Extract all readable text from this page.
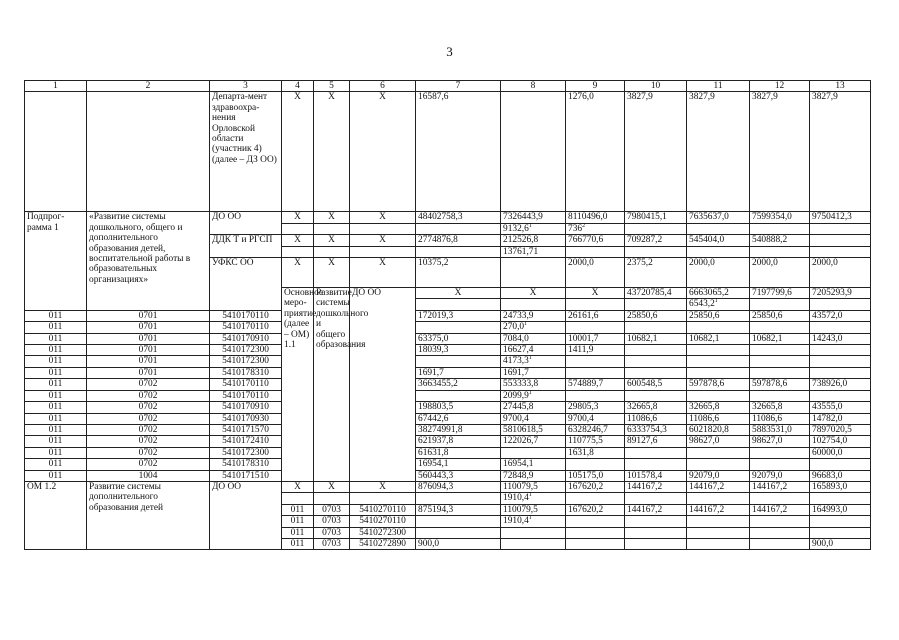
3
1	2	3	4	5	6	7	8	9	10	11	12	13	
		Департа-мент здравоохра-нения Орловской области (участник 4) (далее – ДЗ ОО)	Х	Х	Х	16587,6		1276,0	3827,9	3827,9	3827,9	3827,9	
Подпрог-рамма 1	«Развитие системы дошкольного, общего и дополнительного образования детей, воспитательной работы в образовательных организациях»	ДО ОО	Х	Х	Х	48402758,3	7326443,9	8110496,0	7980415,1	7635637,0	7599354,0	9750412,3	
							9132,6$^1$	$736^2$				
		ДДК Т и РГСП	Х	Х	Х	2774876,8	212526,8	766770,6	709287,2	545404,0	540888,2		
							13761,71						
		УФКС ОО	Х	Х	Х	10375,2		2000,0	2375,2	2000,0	2000,0	2000,0	
			Основное меро-приятие (далее – ОМ) 1.1	Развитие системы дошкольного и общего образования	ДО ОО	Х	Х	Х	43720785,4	6663065,2	7197799,6	7205293,9			
										6543,2$^1$					
011	0701	5410170110				172019,3	24733,9	26161,6	25850,6	25850,6	25850,6	43572,0	
011	0701	5410170110					270,0$^1$					
011	0701	5410170910				63375,0	7084,0	10001,7	10682,1	10682,1	10682,1	14243,0	
011	0701	5410172300				18039,3	16627,4	1411,9					
011	0701	5410172300					4173,3$^1$					
011	0701	5410178310				1691,7	1691,7						
011	0702	5410170110				3663455,2	553333,8	574889,7	600548,5	597878,6	597878,6	738926,0	
011	0702	5410170110					2099,9$^1$					
011	0702	5410170910				198803,5	27445,8	29805,3	32665,8	32665,8	32665,8	43555,0	
011	0702	5410170930				67442,6	9700,4	9700,4	11086,6	11086,6	11086,6	14782,0	
011	0702	5410171570				38274991,8	5810618,5	6328246,7	6333754,3	6021820,8	5883531,0	7897020,5	
011	0702	5410172410				621937,8	122026,7	110775,5	89127,6	98627,0	98627,0	102754,0	
011	0702	5410172300				61631,8		1631,8				60000,0	
011	0702	5410178310				16954,1	16954,1						
011	1004	5410171510				560443,3	72848,9	105175,0	101578,4	92079,0	92079,0	96683,0	
ОМ 1.2	Развитие системы дополнительного образования детей	ДО ОО	Х	Х	Х	876094,3	110079,5	167620,2	144167,2	144167,2	144167,2	165893,0	
							1910,4$^1$					
			011	0703	5410270110	875194,3	110079,5	167620,2	144167,2	144167,2	144167,2	164993,0	
			011	0703	5410270110		1910,4$^1$					
			011	0703	5410272300								
			011	0703	5410272890	900,0						900,0	
